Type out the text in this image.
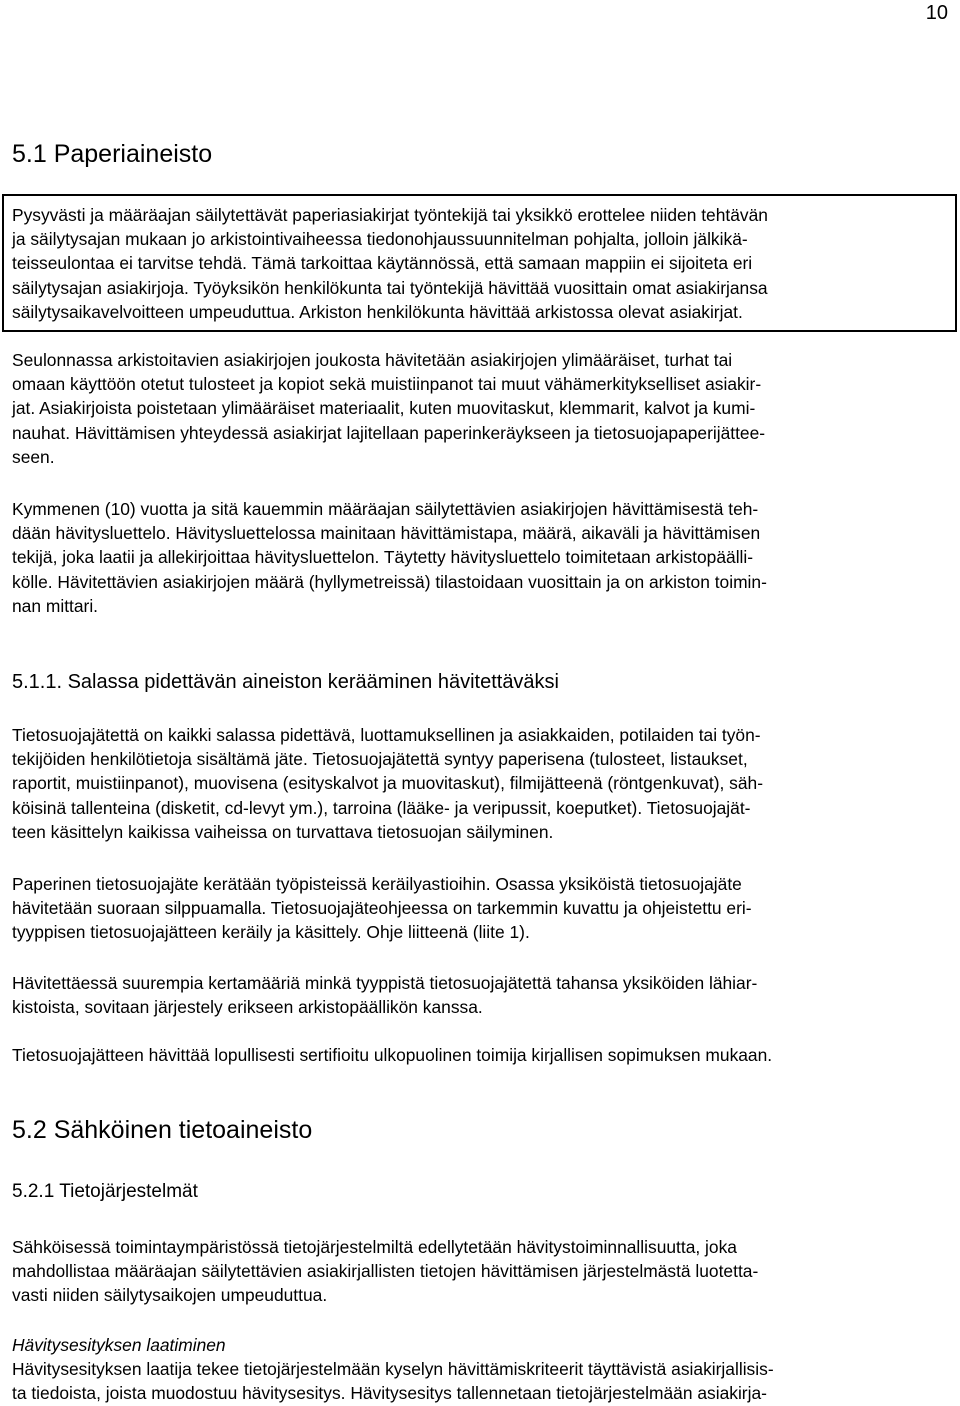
10
5.1 Paperiaineisto
Pysyvästi ja määräajan säilytettävät paperiasiakirjat työntekijä tai yksikkö erottelee niiden tehtävän
ja säilytysajan mukaan jo arkistointivaiheessa tiedonohjaussuunnitelman pohjalta, jolloin jälkikä-
teisseulontaa ei tarvitse tehdä. Tämä tarkoittaa käytännössä, että samaan mappiin ei sijoiteta eri
säilytysajan asiakirjoja. Työyksikön henkilökunta tai työntekijä hävittää vuosittain omat asiakirjansa
säilytysaikavelvoitteen umpeuduttua. Arkiston henkilökunta hävittää arkistossa olevat asiakirjat.
Seulonnassa arkistoitavien asiakirjojen joukosta hävitetään asiakirjojen ylimääräiset, turhat tai
omaan käyttöön otetut tulosteet ja kopiot sekä muistiinpanot tai muut vähämerkitykselliset asiakir-
jat. Asiakirjoista poistetaan ylimääräiset materiaalit, kuten muovitaskut, klemmarit, kalvot ja kumi-
nauhat. Hävittämisen yhteydessä asiakirjat lajitellaan paperinkeräykseen ja tietosuojapaperijättee-
seen.
Kymmenen (10) vuotta ja sitä kauemmin määräajan säilytettävien asiakirjojen hävittämisestä teh-
dään hävitysluettelo. Hävitysluettelossa mainitaan hävittämistapa, määrä, aikaväli ja hävittämisen
tekijä, joka laatii ja allekirjoittaa hävitysluettelon. Täytetty hävitysluettelo toimitetaan arkistopäälli-
kölle. Hävitettävien asiakirjojen määrä (hyllymetreissä) tilastoidaan vuosittain ja on arkiston toimin-
nan mittari.
5.1.1. Salassa pidettävän aineiston kerääminen hävitettäväksi
Tietosuojajätettä on kaikki salassa pidettävä, luottamuksellinen ja asiakkaiden, potilaiden tai työn-
tekijöiden henkilötietoja sisältämä jäte. Tietosuojajätettä syntyy paperisena (tulosteet, listaukset,
raportit, muistiinpanot), muovisena (esityskalvot ja muovitaskut), filmijätteenä (röntgenkuvat), säh-
köisinä tallenteina (disketit, cd-levyt ym.), tarroina (lääke- ja veripussit, koeputket). Tietosuojajät-
teen käsittelyn kaikissa vaiheissa on turvattava tietosuojan säilyminen.
Paperinen tietosuojajäte kerätään työpisteissä keräilyastioihin. Osassa yksiköistä tietosuojajäte
hävitetään suoraan silppuamalla. Tietosuojajäteohjeessa on tarkemmin kuvattu ja ohjeistettu eri-
tyyppisen tietosuojajätteen keräily ja käsittely. Ohje liitteenä (liite 1).
Hävitettäessä suurempia kertamääriä minkä tyyppistä tietosuojajätettä tahansa yksiköiden lähiar-
kistoista, sovitaan järjestely erikseen arkistopäällikön kanssa.
Tietosuojajätteen hävittää lopullisesti sertifioitu ulkopuolinen toimija kirjallisen sopimuksen mukaan.
5.2 Sähköinen tietoaineisto
5.2.1 Tietojärjestelmät
Sähköisessä toimintaympäristössä tietojärjestelmiltä edellytetään hävitystoiminnallisuutta, joka
mahdollistaa määräajan säilytettävien asiakirjallisten tietojen hävittämisen järjestelmästä luotetta-
vasti niiden säilytysaikojen umpeuduttua.
Hävitysesityksen laatiminen
Hävitysesityksen laatija tekee tietojärjestelmään kyselyn hävittämiskriteerit täyttävistä asiakirjallisis-
ta tiedoista, joista muodostuu hävitysesitys. Hävitysesitys tallennetaan tietojärjestelmään asiakirja-
